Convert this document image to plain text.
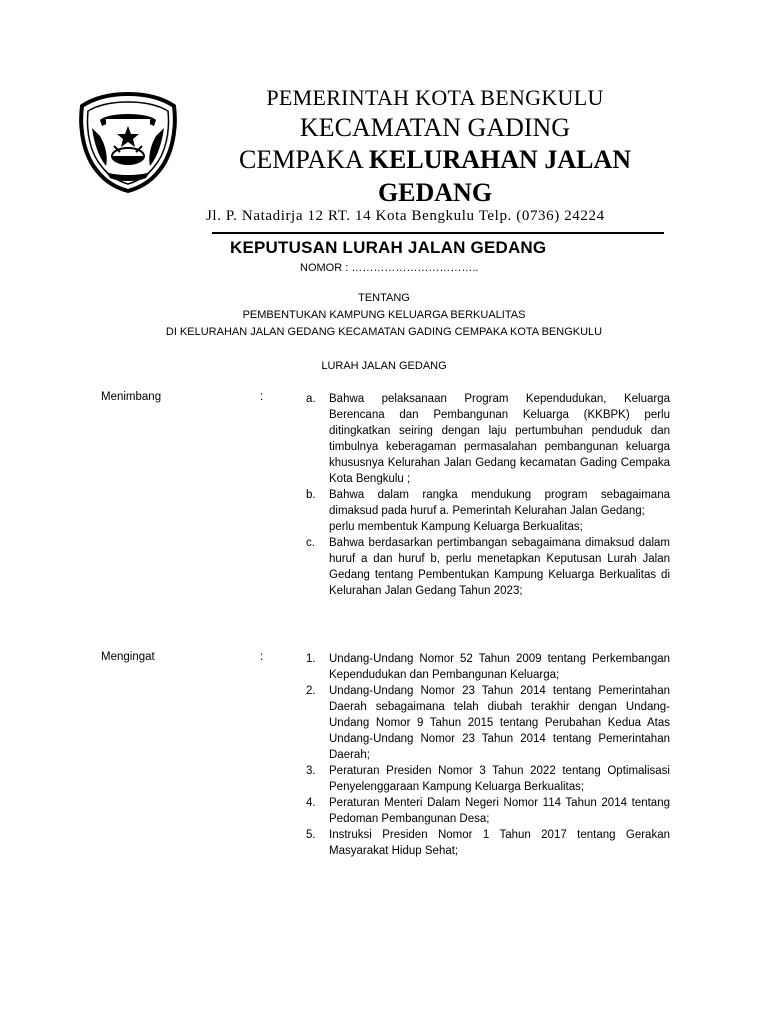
PEMERINTAH KOTA BENGKULU
KECAMATAN GADING
CEMPAKA KELURAHAN JALAN
GEDANG
Jl. P. Natadirja 12 RT. 14 Kota Bengkulu Telp. (0736) 24224
KEPUTUSAN LURAH JALAN GEDANG
NOMOR : ……………………………..
TENTANG
PEMBENTUKAN KAMPUNG KELUARGA BERKUALITAS
DI KELURAHAN JALAN GEDANG KECAMATAN GADING CEMPAKA KOTA BENGKULU
LURAH JALAN GEDANG
Menimbang	:	a. Bahwa pelaksanaan Program Kependudukan, Keluarga Berencana dan Pembangunan Keluarga (KKBPK) perlu ditingkatkan seiring dengan laju pertumbuhan penduduk dan timbulnya keberagaman permasalahan pembangunan keluarga khususnya Kelurahan Jalan Gedang kecamatan Gading Cempaka Kota Bengkulu ;

b. Bahwa dalam rangka mendukung program sebagaimana dimaksud pada huruf a. Pemerintah Kelurahan Jalan Gedang;

perlu membentuk Kampung Keluarga Berkualitas;

c. Bahwa berdasarkan pertimbangan sebagaimana dimaksud dalam huruf a dan huruf b, perlu menetapkan Keputusan Lurah Jalan Gedang tentang Pembentukan Kampung Keluarga Berkualitas di Kelurahan Jalan Gedang Tahun 2023;

Mengingat	:	1. Undang-Undang Nomor 52 Tahun 2009 tentang Perkembangan Kependudukan dan Pembangunan Keluarga;

2. Undang-Undang Nomor 23 Tahun 2014 tentang Pemerintahan Daerah sebagaimana telah diubah terakhir dengan Undang-Undang Nomor 9 Tahun 2015 tentang Perubahan Kedua Atas Undang-Undang Nomor 23 Tahun 2014 tentang Pemerintahan Daerah;

3. Peraturan Presiden Nomor 3 Tahun 2022 tentang Optimalisasi Penyelenggaraan Kampung Keluarga Berkualitas;

4. Peraturan Menteri Dalam Negeri Nomor 114 Tahun 2014 tentang Pedoman Pembangunan Desa;

5. Instruksi Presiden Nomor 1 Tahun 2017 tentang Gerakan Masyarakat Hidup Sehat;
